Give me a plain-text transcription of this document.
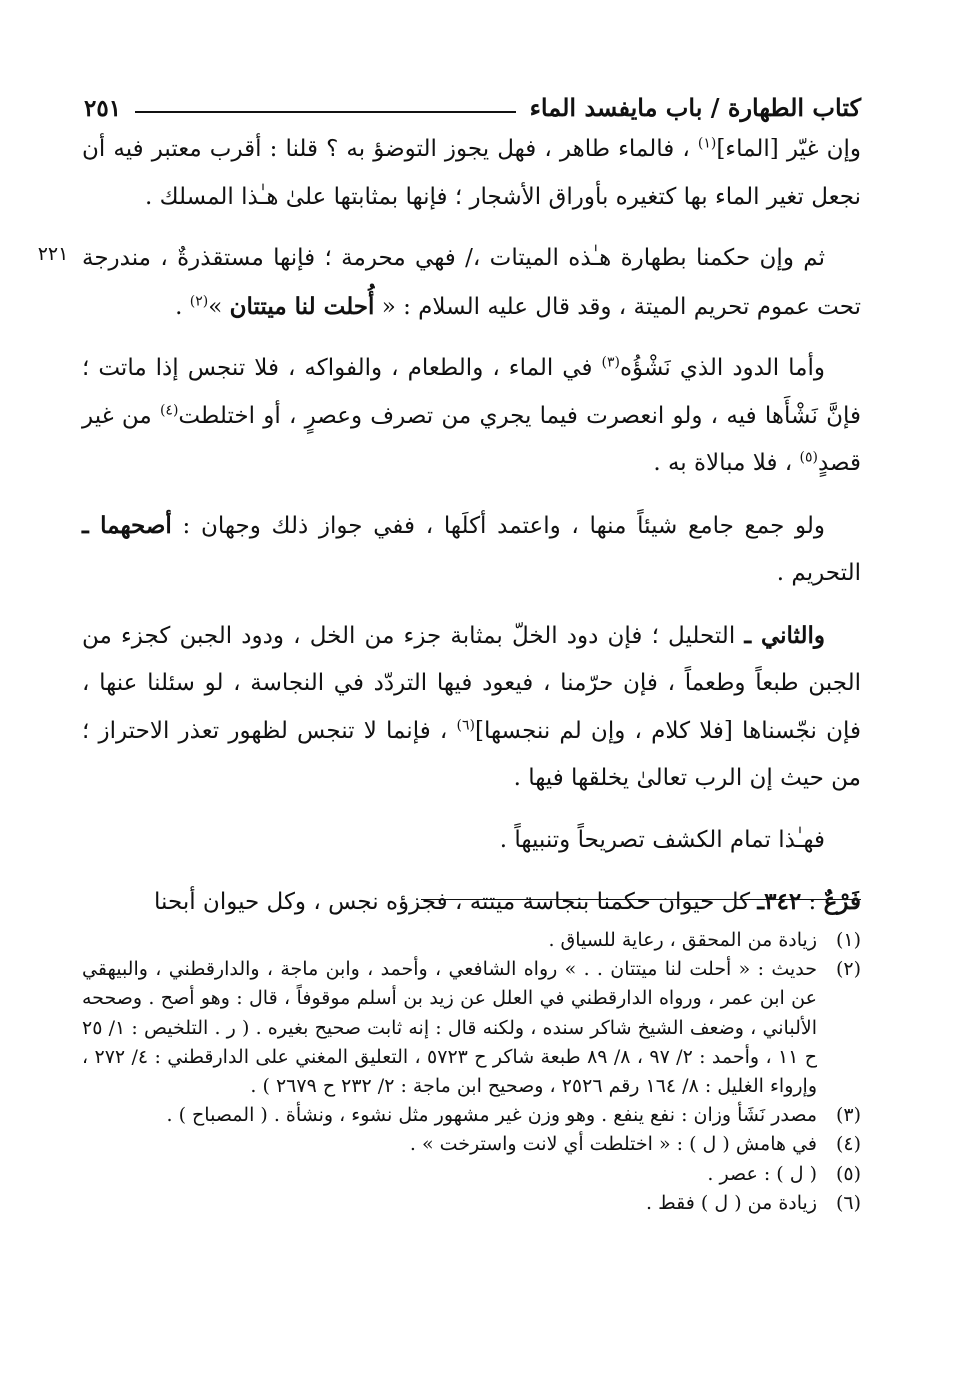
كتاب الطهارة / باب مايفسد الماء
٢٥١
٢٢١

وإن غيّر [الماء]$^{(١)}$ ، فالماء طاهر ، فهل يجوز التوضؤ به ؟ قلنا : أقرب معتبر فيه أن نجعل تغير الماء بها كتغيره بأوراق الأشجار ؛ فإنها بمثابتها علىٰ هـٰذا المسلك .

ثم وإن حكمنا بطهارة هـٰذه الميتات ،/ فهي محرمة ؛ فإنها مستقذرةٌ ، مندرجة تحت عموم تحريم الميتة ، وقد قال عليه السلام : « أُحلت لنا ميتتان »$^{(٢)}$ .

وأما الدود الذي نَشْؤُه$^{(٣)}$ في الماء ، والطعام ، والفواكه ، فلا تنجس إذا ماتت ؛ فإنَّ نَشْأَها فيه ، ولو انعصرت فيما يجري من تصرف وعصرٍ ، أو اختلطت$^{(٤)}$ من غير قصدٍ$^{(٥)}$ ، فلا مبالاة به .

ولو جمع جامع شيئاً منها ، واعتمد أكلَها ، ففي جواز ذلك وجهان : أصحهما ـ التحريم .

والثاني ـ التحليل ؛ فإن دود الخلّ بمثابة جزء من الخل ، ودود الجبن كجزء من الجبن طبعاً وطعماً ، فإن حرّمنا ، فيعود فيها التردّد في النجاسة ، لو سئلنا عنها ، فإن نجّسناها [فلا كلام ، وإن لم ننجسها]$^{(٦)}$ ، فإنما لا تنجس لظهور تعذر الاحتراز ؛ من حيث إن الرب تعالىٰ يخلقها فيها .

فهـٰذا تمام الكشف تصريحاً وتنبيهاً .

فَرْعٌ : ٣٤٢ـ كل حيوان حكمنا بنجاسة ميتته ، فجزؤه نجس ، وكل حيوان أبحنا

(١)
زيادة من المحقق ، رعاية للسياق .
(٢)
حديث : « أحلت لنا ميتتان . . » رواه الشافعي ، وأحمد ، وابن ماجة ، والدارقطني ، والبيهقي عن ابن عمر ، ورواه الدارقطني في العلل عن زيد بن أسلم موقوفاً ، قال : وهو أصح . وصححه الألباني ، وضعف الشيخ شاكر سنده ، ولكنه قال : إنه ثابت صحيح بغيره . ( ر . التلخيص : ١/ ٢٥ ح ١١ ، وأحمد : ٢/ ٩٧ ، ٨/ ٨٩ طبعة شاكر ح ٥٧٢٣ ، التعليق المغني على الدارقطني : ٤/ ٢٧٢ ، وإرواء الغليل : ٨/ ١٦٤ رقم ٢٥٢٦ ، وصحيح ابن ماجة : ٢/ ٢٣٢ ح ٢٦٧٩ ) .
(٣)
مصدر نَشَأ وزان : نفع ينفع . وهو وزن غير مشهور مثل نشوء ، ونشأة . ( المصباح ) .
(٤)
في هامش ( ل ) : « اختلطت أي لانت واسترخت » .
(٥)
( ل ) : عصر .
(٦)
زيادة من ( ل ) فقط .
